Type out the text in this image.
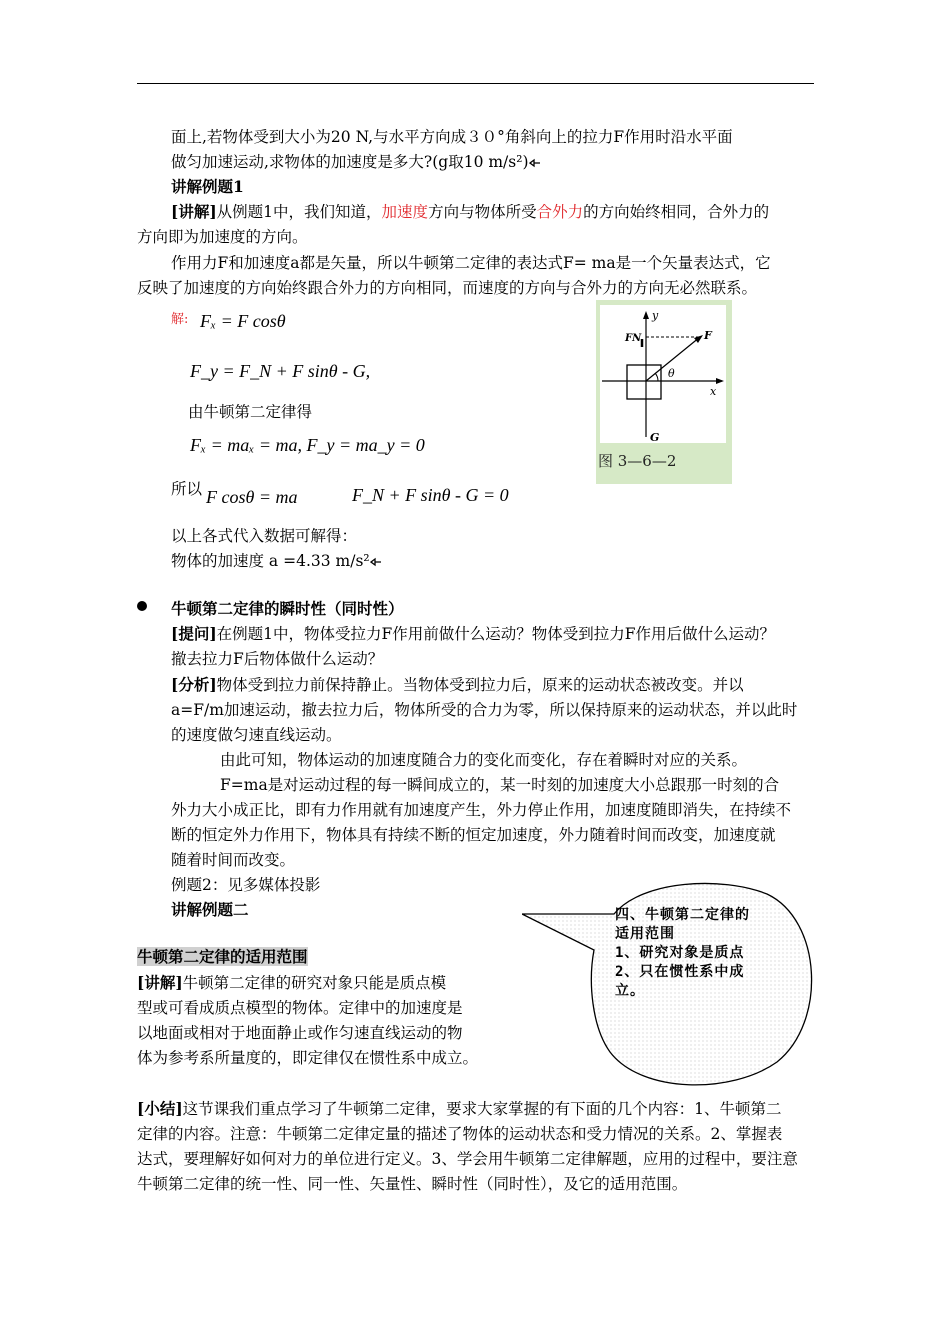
面上,若物体受到大小为20 N,与水平方向成３０°角斜向上的拉力F作用时沿水平面
做匀加速运动,求物体的加速度是多大?(g取10 m/s²)
讲解例题1
[讲解]从例题1中，我们知道，加速度方向与物体所受合外力的方向始终相同，合外力的
方向即为加速度的方向。
作用力F和加速度a都是矢量，所以牛顿第二定律的表达式F= ma是一个矢量表达式，它
反映了加速度的方向始终跟合外力的方向相同，而速度的方向与合外力的方向无必然联系。
解: Fₓ = F cosθ
F_y = F_N + F sinθ - G,
由牛顿第二定律得
Fₓ = maₓ = ma, F_y = ma_y = 0
所以 F cosθ = ma	F_N + F sinθ - G = 0
以上各式代入数据可解得：
物体的加速度 a =4.33 m/s²
y
x
F
FN
G
θ
图 3—6—2
牛顿第二定律的瞬时性（同时性）
[提问]在例题1中，物体受拉力F作用前做什么运动？物体受到拉力F作用后做什么运动？
撤去拉力F后物体做什么运动？
[分析]物体受到拉力前保持静止。当物体受到拉力后，原来的运动状态被改变。并以
a=F/m加速运动，撤去拉力后，物体所受的合力为零，所以保持原来的运动状态，并以此时
的速度做匀速直线运动。
由此可知，物体运动的加速度随合力的变化而变化，存在着瞬时对应的关系。
F=ma是对运动过程的每一瞬间成立的，某一时刻的加速度大小总跟那一时刻的合
外力大小成正比，即有力作用就有加速度产生，外力停止作用，加速度随即消失，在持续不
断的恒定外力作用下，物体具有持续不断的恒定加速度，外力随着时间而改变，加速度就
随着时间而改变。
例题2：见多媒体投影
讲解例题二	四、牛顿第二定律的
适用范围
1、研究对象是质点
2、只在惯性系中成
立。
牛顿第二定律的适用范围
[讲解]牛顿第二定律的研究对象只能是质点模
型或可看成质点模型的物体。定律中的加速度是
以地面或相对于地面静止或作匀速直线运动的物
体为参考系所量度的，即定律仅在惯性系中成立。
[小结]这节课我们重点学习了牛顿第二定律，要求大家掌握的有下面的几个内容：1、牛顿第二
定律的内容。注意：牛顿第二定律定量的描述了物体的运动状态和受力情况的关系。2、掌握表
达式，要理解好如何对力的单位进行定义。3、学会用牛顿第二定律解题，应用的过程中，要注意
牛顿第二定律的统一性、同一性、矢量性、瞬时性（同时性），及它的适用范围。
